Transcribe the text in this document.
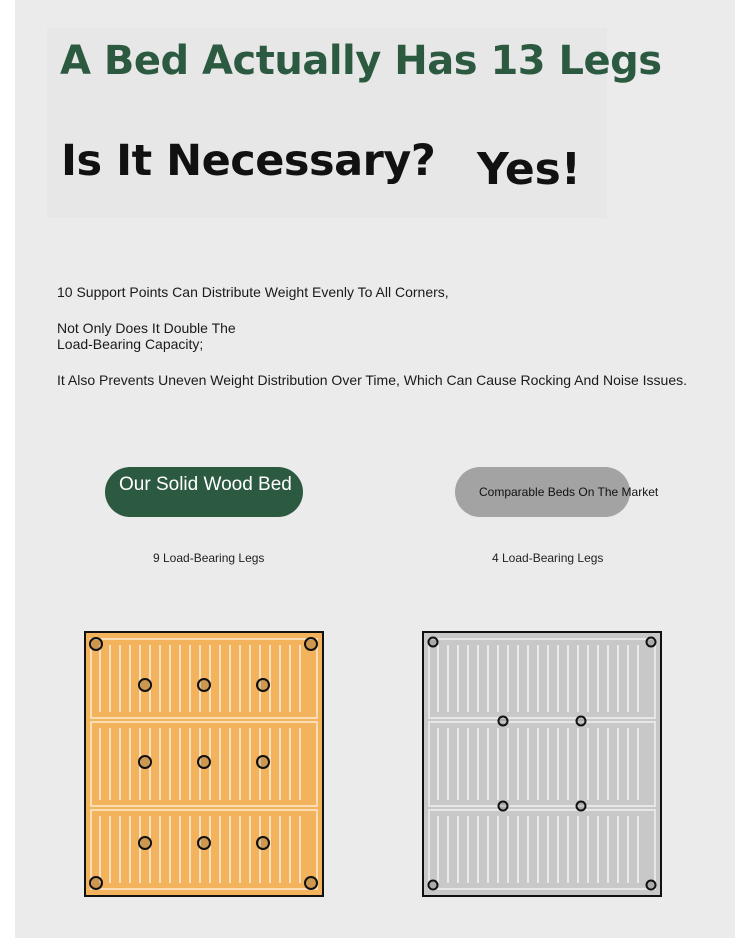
A Bed Actually Has 13 Legs
Is It Necessary? Yes!
10 Support Points Can Distribute Weight Evenly To All Corners,
Not Only Does It Double The
Load-Bearing Capacity;
It Also Prevents Uneven Weight Distribution Over Time, Which Can Cause Rocking And Noise Issues.
Our Solid Wood Bed	Comparable Beds On The Market
9 Load-Bearing Legs	4 Load-Bearing Legs
